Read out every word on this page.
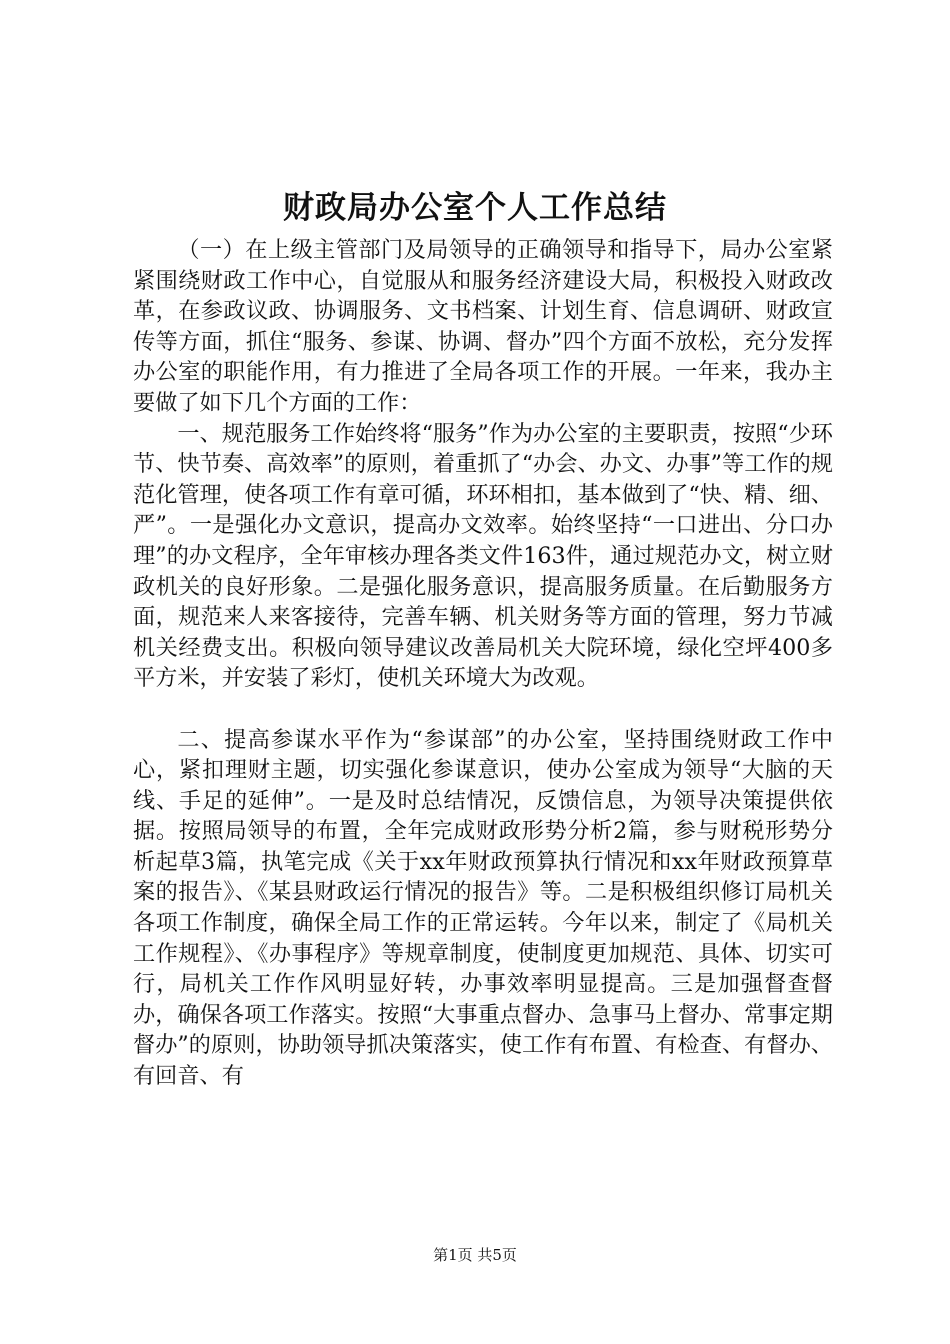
财政局办公室个人工作总结

（一）在上级主管部门及局领导的正确领导和指导下，局办公室紧紧围绕财政工作中心，自觉服从和服务经济建设大局，积极投入财政改革，在参政议政、协调服务、文书档案、计划生育、信息调研、财政宣传等方面，抓住“服务、参谋、协调、督办”四个方面不放松，充分发挥办公室的职能作用，有力推进了全局各项工作的开展。一年来，我办主要做了如下几个方面的工作：

一、规范服务工作始终将“服务”作为办公室的主要职责，按照“少环节、快节奏、高效率”的原则，着重抓了“办会、办文、办事”等工作的规范化管理，使各项工作有章可循，环环相扣，基本做到了“快、精、细、严”。一是强化办文意识，提高办文效率。始终坚持“一口进出、分口办理”的办文程序，全年审核办理各类文件163件，通过规范办文，树立财政机关的良好形象。二是强化服务意识，提高服务质量。在后勤服务方面，规范来人来客接待，完善车辆、机关财务等方面的管理，努力节减机关经费支出。积极向领导建议改善局机关大院环境，绿化空坪400多平方米，并安装了彩灯，使机关环境大为改观。

二、提高参谋水平作为“参谋部”的办公室，坚持围绕财政工作中心，紧扣理财主题，切实强化参谋意识，使办公室成为领导“大脑的天线、手足的延伸”。一是及时总结情况，反馈信息，为领导决策提供依据。按照局领导的布置，全年完成财政形势分析2篇，参与财税形势分析起草3篇，执笔完成《关于xx年财政预算执行情况和xx年财政预算草案的报告》、《某县财政运行情况的报告》等。二是积极组织修订局机关各项工作制度，确保全局工作的正常运转。今年以来，制定了《局机关工作规程》、《办事程序》等规章制度，使制度更加规范、具体、切实可行，局机关工作作风明显好转，办事效率明显提高。三是加强督查督办，确保各项工作落实。按照“大事重点督办、急事马上督办、常事定期督办”的原则，协助领导抓决策落实，使工作有布置、有检查、有督办、有回音、有

第1页 共5页
